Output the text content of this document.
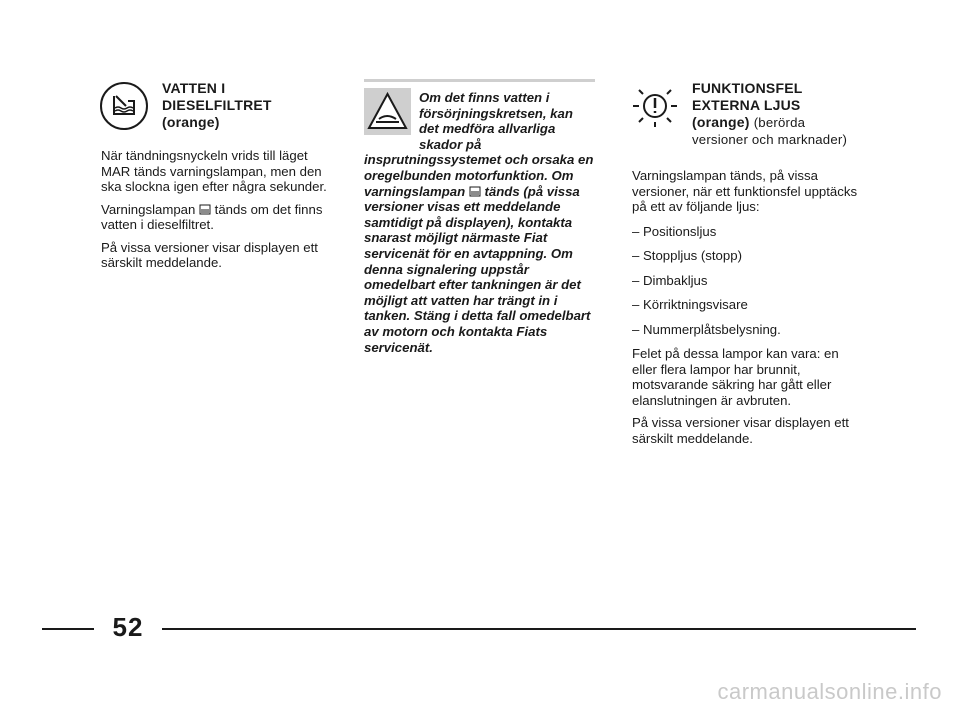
VATTEN I
DIESELFILTRET
(orange)

När tändningsnyckeln vrids till läget MAR tänds varningslampan, men den ska slockna igen efter några sekunder.

Varningslampan tänds om det finns vatten i dieselfiltret.

På vissa versioner visar displayen ett särskilt meddelande.

Om det finns vatten i försörjningskretsen, kan det medföra allvarliga skador på insprutningssystemet och orsaka en oregelbunden motorfunktion. Om varningslampan tänds (på vissa versioner visas ett meddelande samtidigt på displayen), kontakta snarast möjligt närmaste Fiat servicenät för en avtappning. Om denna signalering uppstår omedelbart efter tankningen är det möjligt att vatten har trängt in i tanken. Stäng i detta fall omedelbart av motorn och kontakta Fiats servicenät.
FUNKTIONSFEL
EXTERNA LJUS
(orange) (berörda
versioner och marknader)

Varningslampan tänds, på vissa versioner, när ett funktionsfel upptäcks på ett av följande ljus:

– Positionsljus

– Stoppljus (stopp)

– Dimbakljus

– Körriktningsvisare

– Nummerplåtsbelysning.

Felet på dessa lampor kan vara: en eller flera lampor har brunnit, motsvarande säkring har gått eller elanslutningen är avbruten.

På vissa versioner visar displayen ett särskilt meddelande.

52
carmanualsonline.info
